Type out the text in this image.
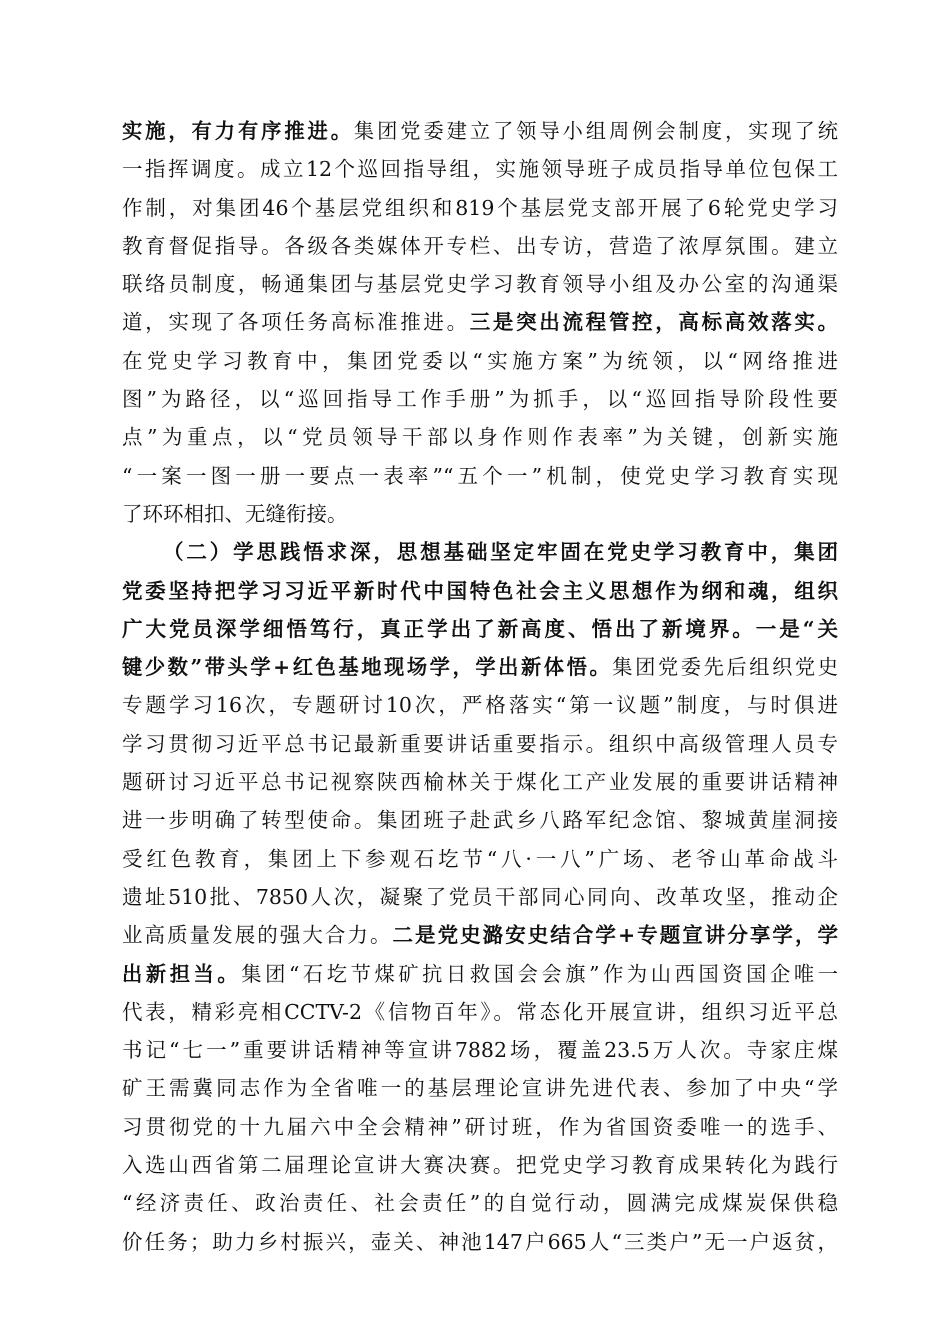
实施，有力有序推进。集团党委建立了领导小组周例会制度，实现了统
一指挥调度。成立12个巡回指导组，实施领导班子成员指导单位包保工
作制，对集团46个基层党组织和819个基层党支部开展了6轮党史学习
教育督促指导。各级各类媒体开专栏、出专访，营造了浓厚氛围。建立
联络员制度，畅通集团与基层党史学习教育领导小组及办公室的沟通渠
道，实现了各项任务高标准推进。三是突出流程管控，高标高效落实。
在党史学习教育中，集团党委以“实施方案”为统领，以“网络推进
图”为路径，以“巡回指导工作手册”为抓手，以“巡回指导阶段性要
点”为重点，以“党员领导干部以身作则作表率”为关键，创新实施
“一案一图一册一要点一表率”“五个一”机制，使党史学习教育实现
了环环相扣、无缝衔接。
（二）学思践悟求深，思想基础坚定牢固在党史学习教育中，集团
党委坚持把学习习近平新时代中国特色社会主义思想作为纲和魂，组织
广大党员深学细悟笃行，真正学出了新高度、悟出了新境界。一是“关
键少数”带头学+红色基地现场学，学出新体悟。集团党委先后组织党史
专题学习16次，专题研讨10次，严格落实“第一议题”制度，与时俱进
学习贯彻习近平总书记最新重要讲话重要指示。组织中高级管理人员专
题研讨习近平总书记视察陕西榆林关于煤化工产业发展的重要讲话精神
进一步明确了转型使命。集团班子赴武乡八路军纪念馆、黎城黄崖洞接
受红色教育，集团上下参观石圪节“八·一八”广场、老爷山革命战斗
遗址510批、7850人次，凝聚了党员干部同心同向、改革攻坚，推动企
业高质量发展的强大合力。二是党史潞安史结合学+专题宣讲分享学，学
出新担当。集团“石圪节煤矿抗日救国会会旗”作为山西国资国企唯一
代表，精彩亮相CCTV-2《信物百年》。常态化开展宣讲，组织习近平总
书记“七一”重要讲话精神等宣讲7882场，覆盖23.5万人次。寺家庄煤
矿王需冀同志作为全省唯一的基层理论宣讲先进代表、参加了中央“学
习贯彻党的十九届六中全会精神”研讨班，作为省国资委唯一的选手、
入选山西省第二届理论宣讲大赛决赛。把党史学习教育成果转化为践行
“经济责任、政治责任、社会责任”的自觉行动，圆满完成煤炭保供稳
价任务；助力乡村振兴，壶关、神池147户665人“三类户”无一户返贫，
